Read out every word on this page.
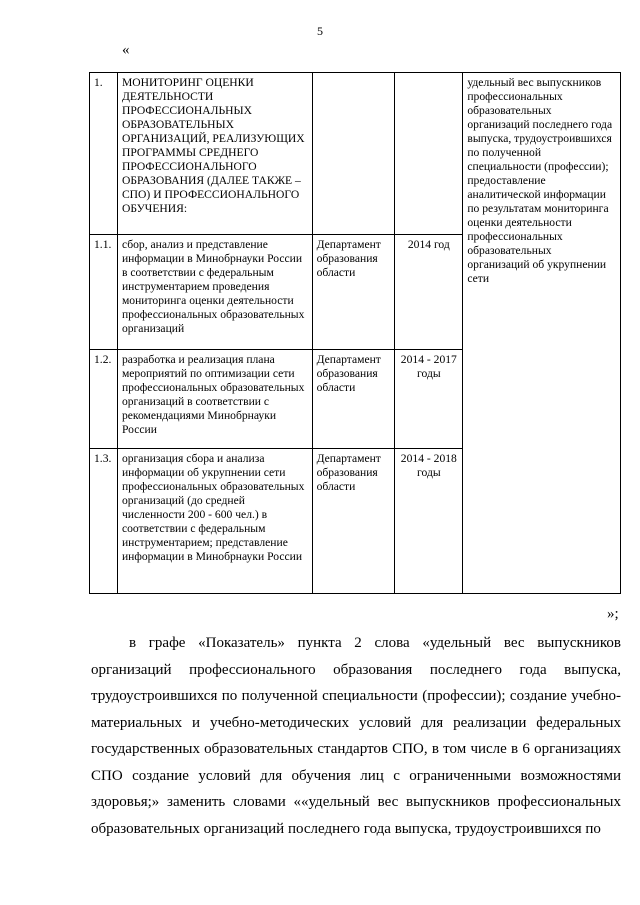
5
«
1.	МОНИТОРИНГ ОЦЕНКИ ДЕЯТЕЛЬНОСТИ ПРОФЕССИОНАЛЬНЫХ ОБРАЗОВАТЕЛЬНЫХ ОРГАНИЗАЦИЙ, РЕАЛИЗУЮЩИХ ПРОГРАММЫ СРЕДНЕГО ПРОФЕССИОНАЛЬНОГО ОБРАЗОВАНИЯ (ДАЛЕЕ ТАКЖЕ – СПО) И ПРОФЕССИОНАЛЬНОГО ОБУЧЕНИЯ:			удельный вес выпускников профессиональных образовательных организаций последнего года выпуска, трудоустроившихся по полученной специальности (профессии); предоставление аналитической информации по результатам мониторинга оценки деятельности профессиональных образовательных организаций об укрупнении сети
1.1.	сбор, анализ и представление информации в Минобрнауки России в соответствии с федеральным инструментарием проведения мониторинга оценки деятельности профессиональных образовательных организаций	Департамент образования области	2014 год	
1.2.	разработка и реализация плана мероприятий по оптимизации сети профессиональных образовательных организаций в соответствии с рекомендациями Минобрнауки России	Департамент образования области	2014 - 2017 годы	
1.3.	организация сбора и анализа информации об укрупнении сети профессиональных образовательных организаций (до средней численности 200 - 600 чел.) в соответствии с федеральным инструментарием; представление информации в Минобрнауки России	Департамент образования области	2014 - 2018 годы	
»;

в графе «Показатель» пункта 2 слова «удельный вес выпускников организаций профессионального образования последнего года выпуска, трудоустроившихся по полученной специальности (профессии); создание учебно-материальных и учебно-методических условий для реализации федеральных государственных образовательных стандартов СПО, в том числе в 6 организациях СПО создание условий для обучения лиц с ограниченными возможностями здоровья;» заменить словами ««удельный вес выпускников профессиональных образовательных организаций последнего года выпуска, трудоустроившихся по
